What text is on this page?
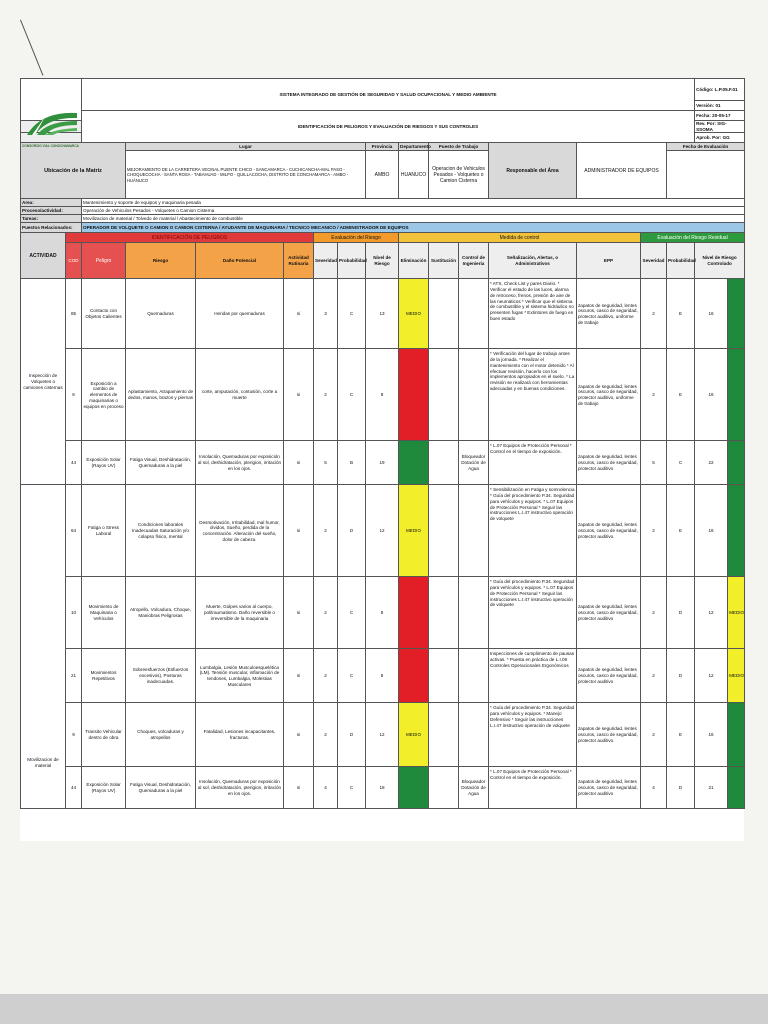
CONSORCIO VIAL CONOCHAMARCA		SISTEMA INTEGRADO DE GESTIÓN DE SEGURIDAD Y SALUD OCUPACIONAL Y MEDIO AMBIENTE														Código: L.P.05.F.01	
																Versión: 01	
		IDENTIFICACIÓN DE PELIGROS Y EVALUACIÓN DE RIESGOS Y SUS CONTROLES														Fecha: 20-05-17	
																Rev. Por: SIG-SSOMA	
																Aprob. Por: GG	
Ubicación de la Matriz			Lugar					Provincia	Departamento	Puesto de Trabajo		Responsable del Área	ADMINISTRADOR DE EQUIPOS		Fecha de Evaluación		
			MEJORAMIENTO DE LA CARRETERA VECINAL PUENTE CHICO - SANCAMARCA - CUCHICANCHA-MAL PASO - CHOQUECOCHA - SANTA ROSA - TABAHUAD - MILPO - QUILLACOCHA, DISTRITO DE CONCHAMARCA - AMBO - HUÁNUCO					AMBO	HUANUCO	Operacion de Vehiculos Pesados - Volquetes o Camion Cisterna							

Area:		Mantenimiento y soporte de equipos y maquinaria pesada															
Proceso/actividad:		Operación de Vehiculos Pesados - Volquetes o Camion Cisterna															
Tareas:		Movilizacion de material / Tolvedo de material / Abastecimiento de combustible															
Puestos Relacionados:		OPERADOR DE VOLQUETE O CAMION O CAMION CISTERNA / AYUDANTE DE MAQUINARIA / TECNICO MECANICO / ADMINISTRADOR DE EQUIPOS															
ACTIVIDAD	IDENTIFICACIÓN DE PELIGROS					Evaluación del Riesgo			Medida de control					Evaluación del Riesgo Residual			
	COD	Peligro	Riesgo	Daño Potencial	Actividad Rutinaria	Severidad	Probabilidad	Nivel de Riesgo	Eliminación	Sustitución	Control de Ingeniería	Señalización, Alertas, o Administrativos	EPP	Severidad	Probabilidad	Nivel de Riesgo Controlado	
Inspección de Volquetes o camiones cisternas	85	Contacto con Objetos Calientes	Quemaduras	Heridas por quemaduras	si	3	C	13	MEDIO			* ATS, Check List y pares Diario. * Verificar el estado de las luces, alarma de retroceso, frenos, presión de aire de las neumáticos * Verificar que el sistema de combustible y el sistema hidráulico no presenten fugas * Extintores de fuego en buen estado	zapatos de seguridad, lentes oscuros, casco de seguridad, protector auditivo, uniforme de trabajo	2	E	16	
	6	Exposición a cambio de elementos de maquinarias o equipos en proceso	Aplastamiento, Atrapamiento de dedos, manos, brazos y piernas	corte, amputación, contusión, corte a muerte	si	2	C	8				* Verificación del lugar de trabajo antes de la jornada. * Realizar el mantenimiento con el motor detenido * Al efectuar revisión, hacerlo con los implementos apropiados en el suelo. * La revisión se realizará con herramientas adecuadas y en buenas condiciones.	zapatos de seguridad, lentes oscuros, casco de seguridad, protector auditivo, uniforme de trabajo	2	E	16	
	44	Exposición Solar (Rayos UV)	Fatiga Visual, Deshidratación, Quemaduras a la piel	Insolación, Quemaduras por exposición al sol, deshidratación, pterigion, irritación en los ojos.	si	5	B	19			Bloqueador Dotación de Agua	* L.07 Equipos de Protección Personal * Control en el tiempo de exposición.	zapatos de seguridad, lentes oscuros, casco de seguridad, protector auditivo	5	C	22	
Movilizacion de material	64	Fatiga o Stress Laboral	Condiciones laborales Inadecuadas Saturación y/o colapso físico, mental	Desmotivación, Irritabilidad, mal humor, olvidos, Sueño, perdida de la concentración. Alteración del sueño, dolor de cabeza.	si	2	D	12	MEDIO			* Sensibilización en Fatiga y somnolencia * Guía del procedimiento P.34. Seguridad para vehículos y equipos. * L.07 Equipos de Protección Personal * Seguir las instrucciones L.I.47 instructivo operación de volquete	zapatos de seguridad, lentes oscuros, casco de seguridad, protector auditivo.	2	E	16	
	10	Movimiento de Maquinaria o Vehículos	Atropello, Volcadura, Choque, Maniobras Peligrosas	Muerte, Golpes varios al cuerpo, politraumatismo. Daño reversible o irreversible de la maquinaria	si	2	C	8				* Guía del procedimiento P.34. Seguridad para vehículos y equipos. * L.07 Equipos de Protección Personal * Seguir las instrucciones L.I.47 instructivo operación de volquete	zapatos de seguridad, lentes oscuros, casco de seguridad, protector auditivo	2	D	12	MEDIO
	21	Movimientos Repetitivos	Sobreesfuerzos (Esfuerzos excesivos), Posturas inadecuadas.	Lumbalgia, Lesión Musculoesquelética (LM). Tensión muscular, inflamación de tendones, Lumbalgia, Molestias Musculares	si	2	C	8				Inspecciones de cumplimiento de pausas activas. * Puesta en práctica de L.I.06 Controles Operacionales Ergonómicos	zapatos de seguridad, lentes oscuros, casco de seguridad, protector auditivo	2	D	12	MEDIO
	9	Transito Vehicular dentro de obra	Choques, volcaduras y atropellos	Fatalidad, Lesiones incapacitantes, fracturas.	si	2	D	12	MEDIO			* Guía del procedimiento P.34. Seguridad para vehículos y equipos. * Manejo Defensivo * Seguir las instrucciones L.I.47 instructivo operación de volquete	zapatos de seguridad, lentes oscuros, casco de seguridad, protector auditivo.	2	E	16	
	44	Exposición Solar (Rayos UV)	Fatiga Visual, Deshidratación, Quemaduras a la piel	Insolación, Quemaduras por exposición al sol, deshidratación, pterigion, irritación en los ojos.	si	4	C	18			Bloqueador Dotación de Agua	* L.07 Equipos de Protección Personal * Control en el tiempo de exposición.	zapatos de seguridad, lentes oscuros, casco de seguridad, protector auditivo	4	D	21	
